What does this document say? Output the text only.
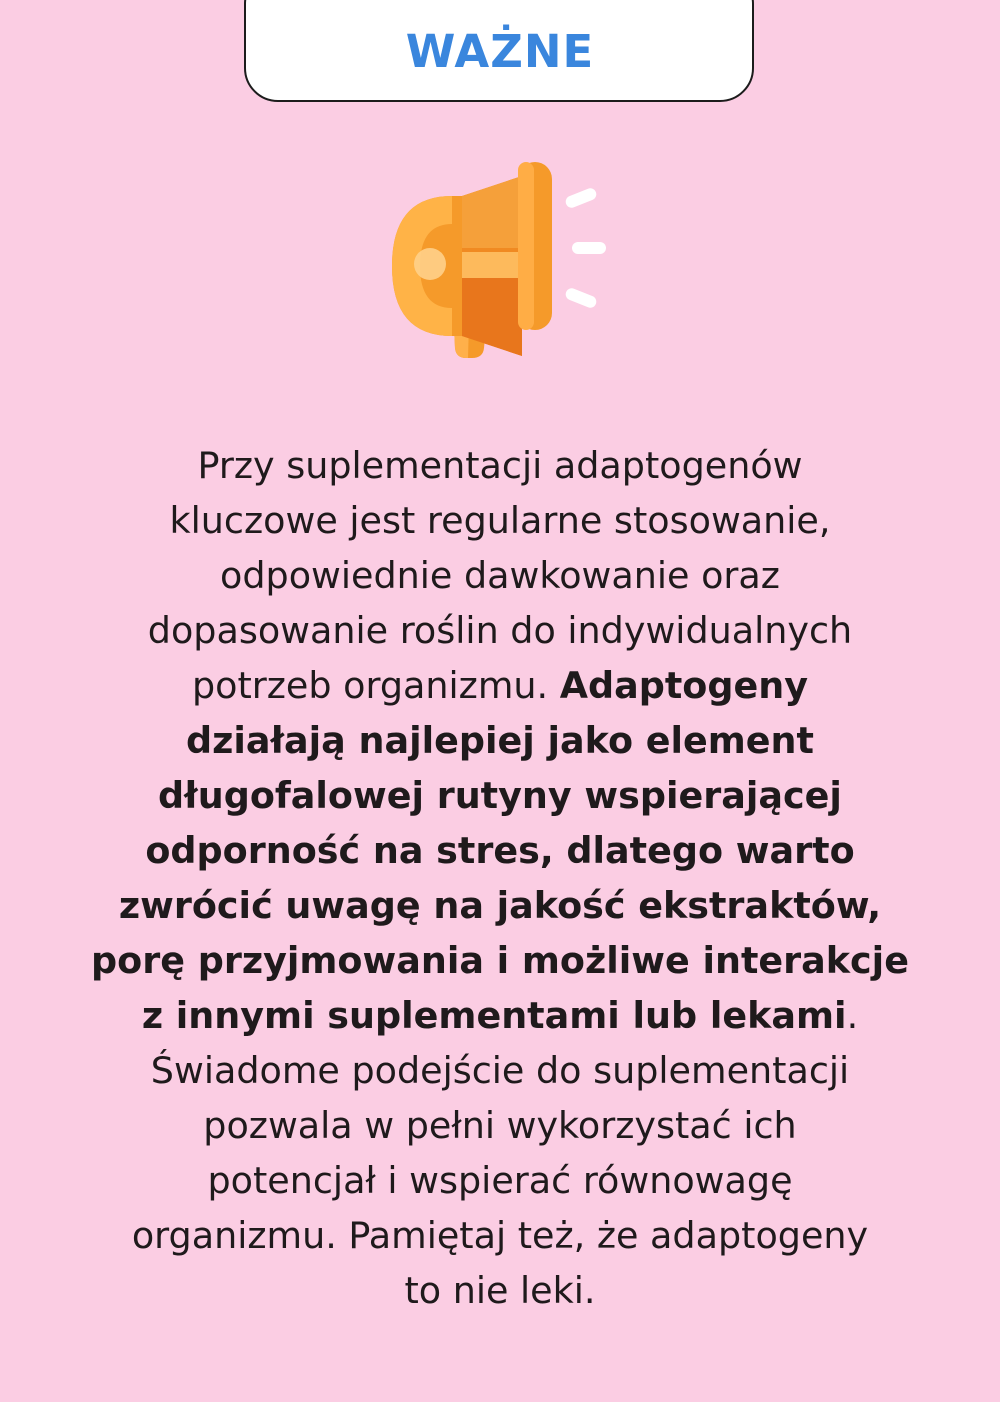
WAŻNE
Przy suplementacji adaptogenów
kluczowe jest regularne stosowanie,
odpowiednie dawkowanie oraz
dopasowanie roślin do indywidualnych
potrzeb organizmu. Adaptogeny
działają najlepiej jako element
długofalowej rutyny wspierającej
odporność na stres, dlatego warto
zwrócić uwagę na jakość ekstraktów,
porę przyjmowania i możliwe interakcje
z innymi suplementami lub lekami.
Świadome podejście do suplementacji
pozwala w pełni wykorzystać ich
potencjał i wspierać równowagę
organizmu. Pamiętaj też, że adaptogeny
to nie leki.
